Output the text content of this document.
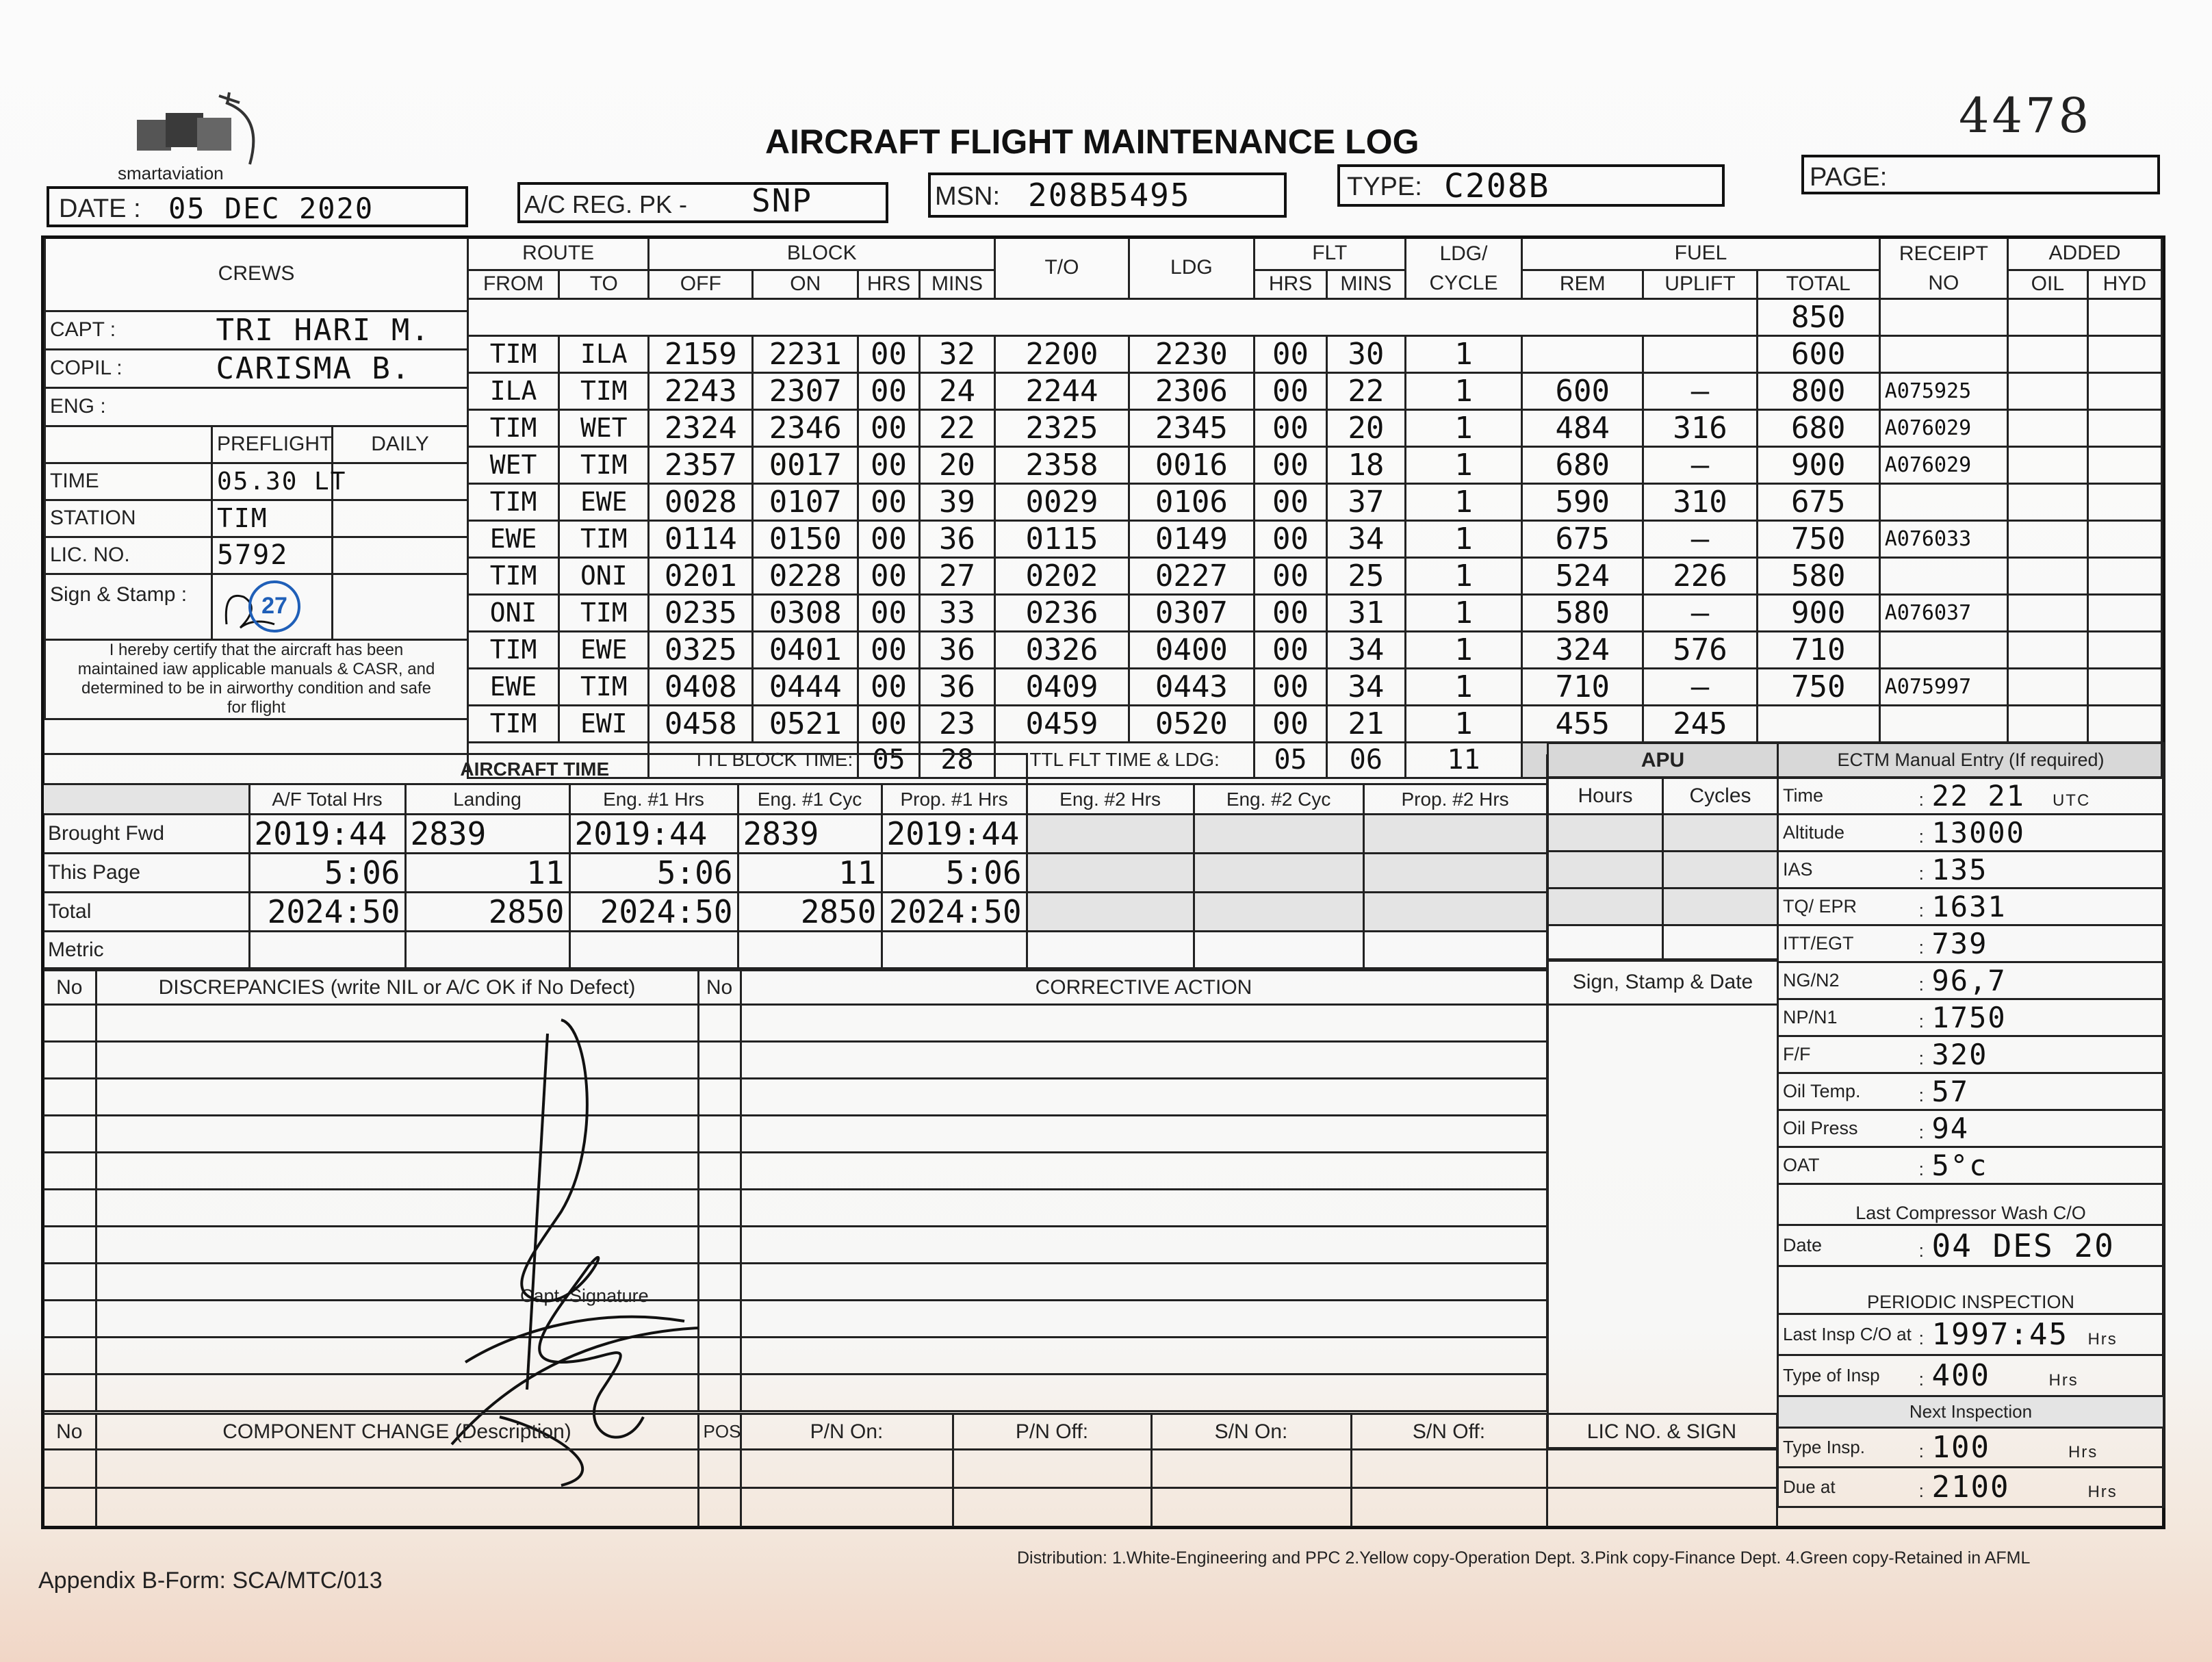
smartaviation
AIRCRAFT FLIGHT MAINTENANCE LOG	4478
DATE : 05 DEC 2020	A/C REG. PK - SNP	MSN: 208B5495	TYPE: C208B	PAGE:
CREWS		
CAPT :	TRI HARI M.	
COPIL :	CARISMA B.	
ENG :		
	PREFLIGHT	DAILY
TIME	05.30 LT	
STATION	TIM	
LIC. NO.	5792	
Sign & Stamp :	27	

I hereby certify that the aircraft has been
maintained iaw applicable manuals & CASR, and
determined to be in airworthy condition and safe
for flight		
ROUTE		BLOCK				T/O	LDG	FLT		LDG/	FUEL			RECEIPT	ADDED	
FROM	TO	OFF	ON	HRS	MINS			HRS	MINS	CYCLE	REM	UPLIFT	TOTAL	NO	OIL	HYD
													850			
TIM	ILA	2159	2231	00	32	2200	2230	00	30	1			600			
ILA	TIM	2243	2307	00	24	2244	2306	00	22	1	600	–	800	A075925		
TIM	WET	2324	2346	00	22	2325	2345	00	20	1	484	316	680	A076029		
WET	TIM	2357	0017	00	20	2358	0016	00	18	1	680	–	900	A076029		
TIM	EWE	0028	0107	00	39	0029	0106	00	37	1	590	310	675			
EWE	TIM	0114	0150	00	36	0115	0149	00	34	1	675	–	750	A076033		
TIM	ONI	0201	0228	00	27	0202	0227	00	25	1	524	226	580			
ONI	TIM	0235	0308	00	33	0236	0307	00	31	1	580	–	900	A076037		
TIM	EWE	0325	0401	00	36	0326	0400	00	34	1	324	576	710			
EWE	TIM	0408	0444	00	36	0409	0443	00	34	1	710	–	750	A075997		
TIM	EWI	0458	0521	00	23	0459	0520	00	21	1	455	245				
		TTL BLOCK TIME:		05	28	TTL FLT TIME & LDG:		05	06	11						
AIRCRAFT TIME								
	A/F Total Hrs	Landing	Eng. #1 Hrs	Eng. #1 Cyc	Prop. #1 Hrs	Eng. #2 Hrs	Eng. #2 Cyc	Prop. #2 Hrs
Brought Fwd	2019:44	2839	2019:44	2839	2019:44			
This Page	5:06	11	5:06	11	5:06			
Total	2024:50	2850	2024:50	2850	2024:50			
Metric								
APU	
Hours	Cycles

ECTM Manual Entry (If required)	
Time	: 22 21 UTC
Altitude	: 13000
IAS	: 135
TQ/ EPR	: 1631
ITT/EGT	: 739
NG/N2	: 96,7
NP/N1	: 1750
F/F	: 320
Oil Temp.	: 57
Oil Press	: 94
OAT	: 5°c
Last Compressor Wash C/O	
Date	: 04 DES 20
PERIODIC INSPECTION	
Last Insp C/O at	: 1997:45 Hrs
Type of Insp	: 400 Hrs
Next Inspection	
Type Insp.	: 100 Hrs
Due at	: 2100 Hrs
No	DISCREPANCIES (write NIL or A/C OK if No Defect)	No	CORRECTIVE ACTION

				Sign, Stamp & Date

Capt. Signature
No	COMPONENT CHANGE (Description)	POS	P/N On:	P/N Off:	S/N On:	S/N Off:	LIC NO. & SIGN

Appendix B-Form: SCA/MTC/013
Distribution: 1.White-Engineering and PPC 2.Yellow copy-Operation Dept. 3.Pink copy-Finance Dept. 4.Green copy-Retained in AFML
